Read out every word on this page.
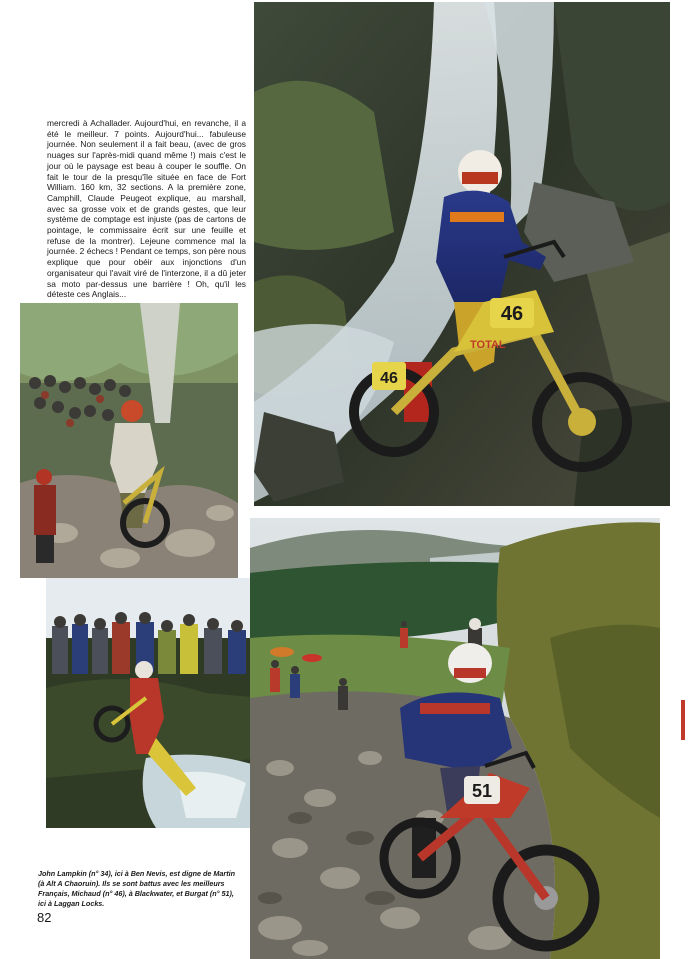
mercredi à Achallader. Aujourd'hui, en revanche, il a été le meilleur. 7 points. Aujourd'hui... fabuleuse journée. Non seulement il a fait beau, (avec de gros nuages sur l'après-midi quand même !) mais c'est le jour où le paysage est beau à couper le souffle. On fait le tour de la presqu'île située en face de Fort William. 160 km, 32 sections. A la première zone, Camphill, Claude Peugeot explique, au marshall, avec sa grosse voix et de grands gestes, que leur système de comptage est injuste (pas de cartons de pointage, le commissaire écrit sur une feuille et refuse de la montrer). Lejeune commence mal la journée. 2 échecs ! Pendant ce temps, son père nous explique que pour obéir aux injonctions d'un organisateur qui l'avait viré de l'interzone, il a dû jeter sa moto par-dessus une barrière ! Oh, qu'il les déteste ces Anglais...

46
46
TOTAL
51

John Lampkin (n° 34), ici à Ben Nevis, est digne de Martin (à Alt A Chaoruin). Ils se sont battus avec les meilleurs Français, Michaud (n° 46), à Blackwater, et Burgat (n° 51), ici à Laggan Locks.

82
